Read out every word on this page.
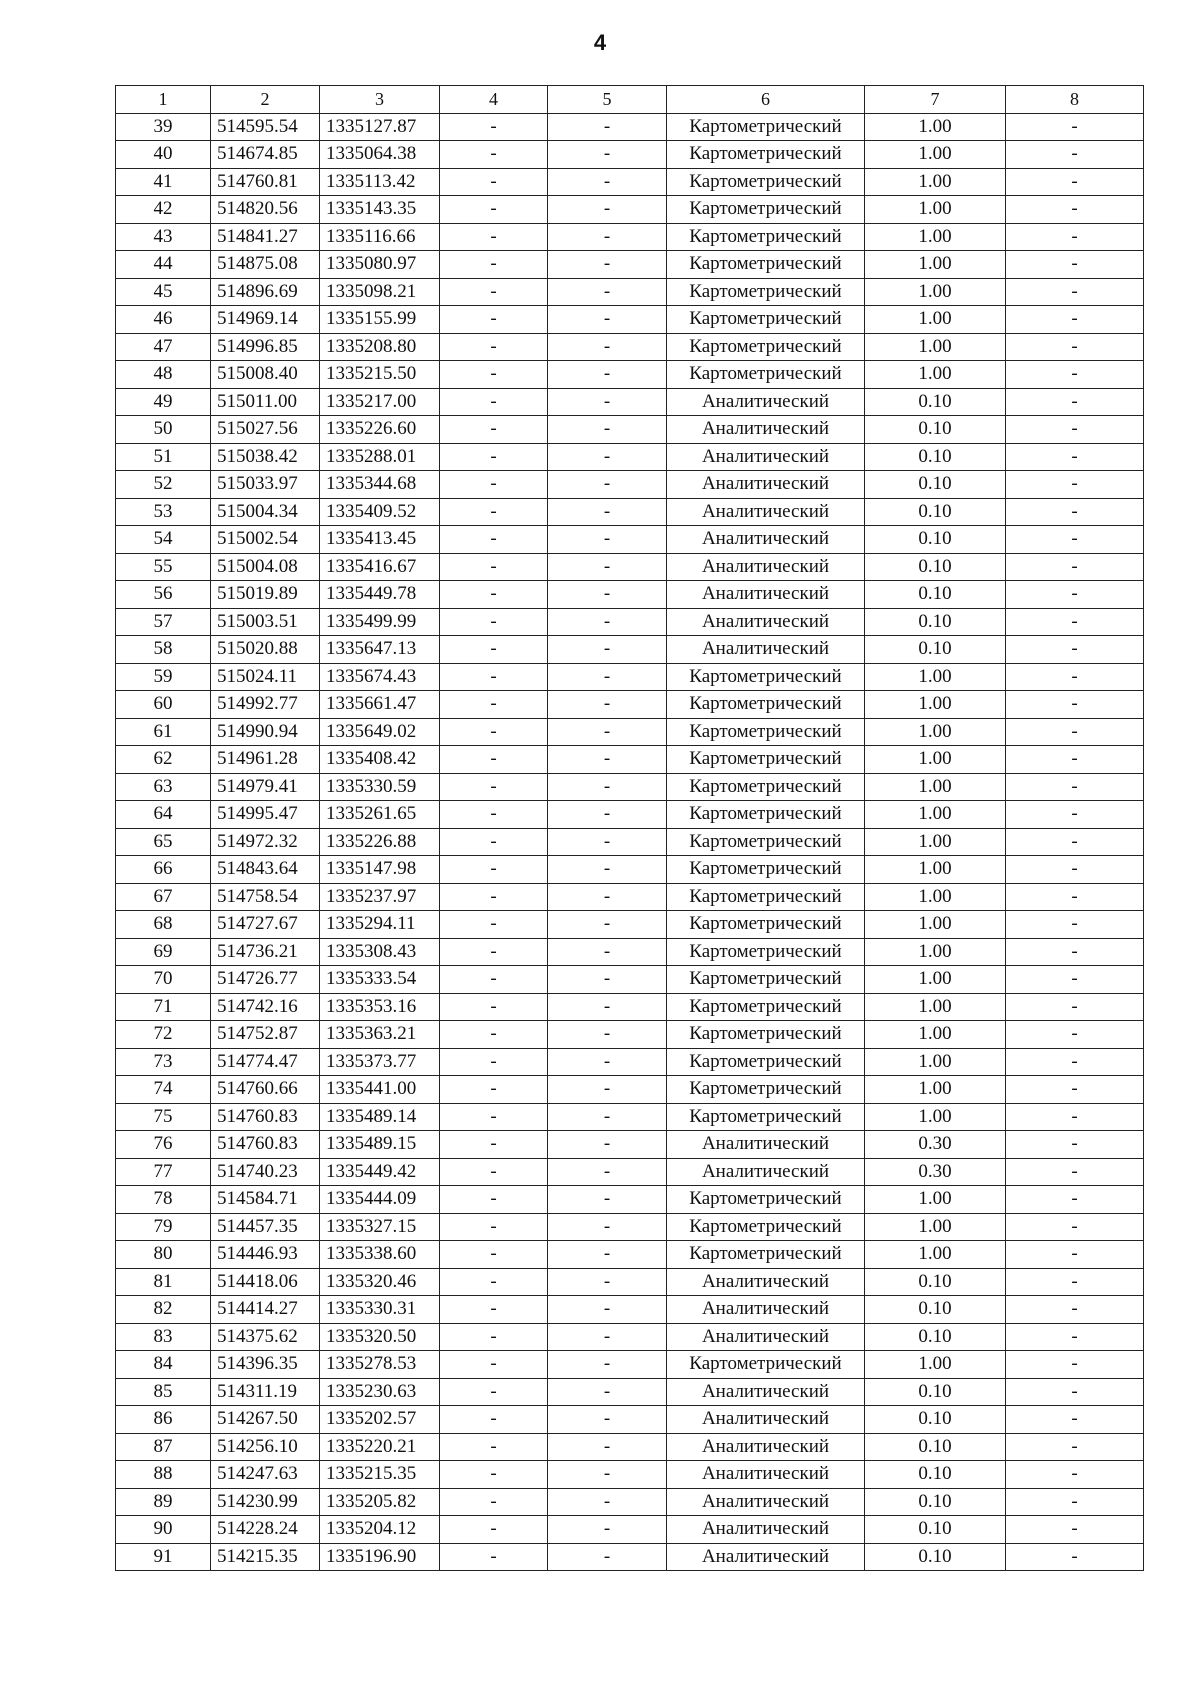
4
1	2	3	4	5	6	7	8
39	514595.54	1335127.87	-	-	Картометрический	1.00	-
40	514674.85	1335064.38	-	-	Картометрический	1.00	-
41	514760.81	1335113.42	-	-	Картометрический	1.00	-
42	514820.56	1335143.35	-	-	Картометрический	1.00	-
43	514841.27	1335116.66	-	-	Картометрический	1.00	-
44	514875.08	1335080.97	-	-	Картометрический	1.00	-
45	514896.69	1335098.21	-	-	Картометрический	1.00	-
46	514969.14	1335155.99	-	-	Картометрический	1.00	-
47	514996.85	1335208.80	-	-	Картометрический	1.00	-
48	515008.40	1335215.50	-	-	Картометрический	1.00	-
49	515011.00	1335217.00	-	-	Аналитический	0.10	-
50	515027.56	1335226.60	-	-	Аналитический	0.10	-
51	515038.42	1335288.01	-	-	Аналитический	0.10	-
52	515033.97	1335344.68	-	-	Аналитический	0.10	-
53	515004.34	1335409.52	-	-	Аналитический	0.10	-
54	515002.54	1335413.45	-	-	Аналитический	0.10	-
55	515004.08	1335416.67	-	-	Аналитический	0.10	-
56	515019.89	1335449.78	-	-	Аналитический	0.10	-
57	515003.51	1335499.99	-	-	Аналитический	0.10	-
58	515020.88	1335647.13	-	-	Аналитический	0.10	-
59	515024.11	1335674.43	-	-	Картометрический	1.00	-
60	514992.77	1335661.47	-	-	Картометрический	1.00	-
61	514990.94	1335649.02	-	-	Картометрический	1.00	-
62	514961.28	1335408.42	-	-	Картометрический	1.00	-
63	514979.41	1335330.59	-	-	Картометрический	1.00	-
64	514995.47	1335261.65	-	-	Картометрический	1.00	-
65	514972.32	1335226.88	-	-	Картометрический	1.00	-
66	514843.64	1335147.98	-	-	Картометрический	1.00	-
67	514758.54	1335237.97	-	-	Картометрический	1.00	-
68	514727.67	1335294.11	-	-	Картометрический	1.00	-
69	514736.21	1335308.43	-	-	Картометрический	1.00	-
70	514726.77	1335333.54	-	-	Картометрический	1.00	-
71	514742.16	1335353.16	-	-	Картометрический	1.00	-
72	514752.87	1335363.21	-	-	Картометрический	1.00	-
73	514774.47	1335373.77	-	-	Картометрический	1.00	-
74	514760.66	1335441.00	-	-	Картометрический	1.00	-
75	514760.83	1335489.14	-	-	Картометрический	1.00	-
76	514760.83	1335489.15	-	-	Аналитический	0.30	-
77	514740.23	1335449.42	-	-	Аналитический	0.30	-
78	514584.71	1335444.09	-	-	Картометрический	1.00	-
79	514457.35	1335327.15	-	-	Картометрический	1.00	-
80	514446.93	1335338.60	-	-	Картометрический	1.00	-
81	514418.06	1335320.46	-	-	Аналитический	0.10	-
82	514414.27	1335330.31	-	-	Аналитический	0.10	-
83	514375.62	1335320.50	-	-	Аналитический	0.10	-
84	514396.35	1335278.53	-	-	Картометрический	1.00	-
85	514311.19	1335230.63	-	-	Аналитический	0.10	-
86	514267.50	1335202.57	-	-	Аналитический	0.10	-
87	514256.10	1335220.21	-	-	Аналитический	0.10	-
88	514247.63	1335215.35	-	-	Аналитический	0.10	-
89	514230.99	1335205.82	-	-	Аналитический	0.10	-
90	514228.24	1335204.12	-	-	Аналитический	0.10	-
91	514215.35	1335196.90	-	-	Аналитический	0.10	-
